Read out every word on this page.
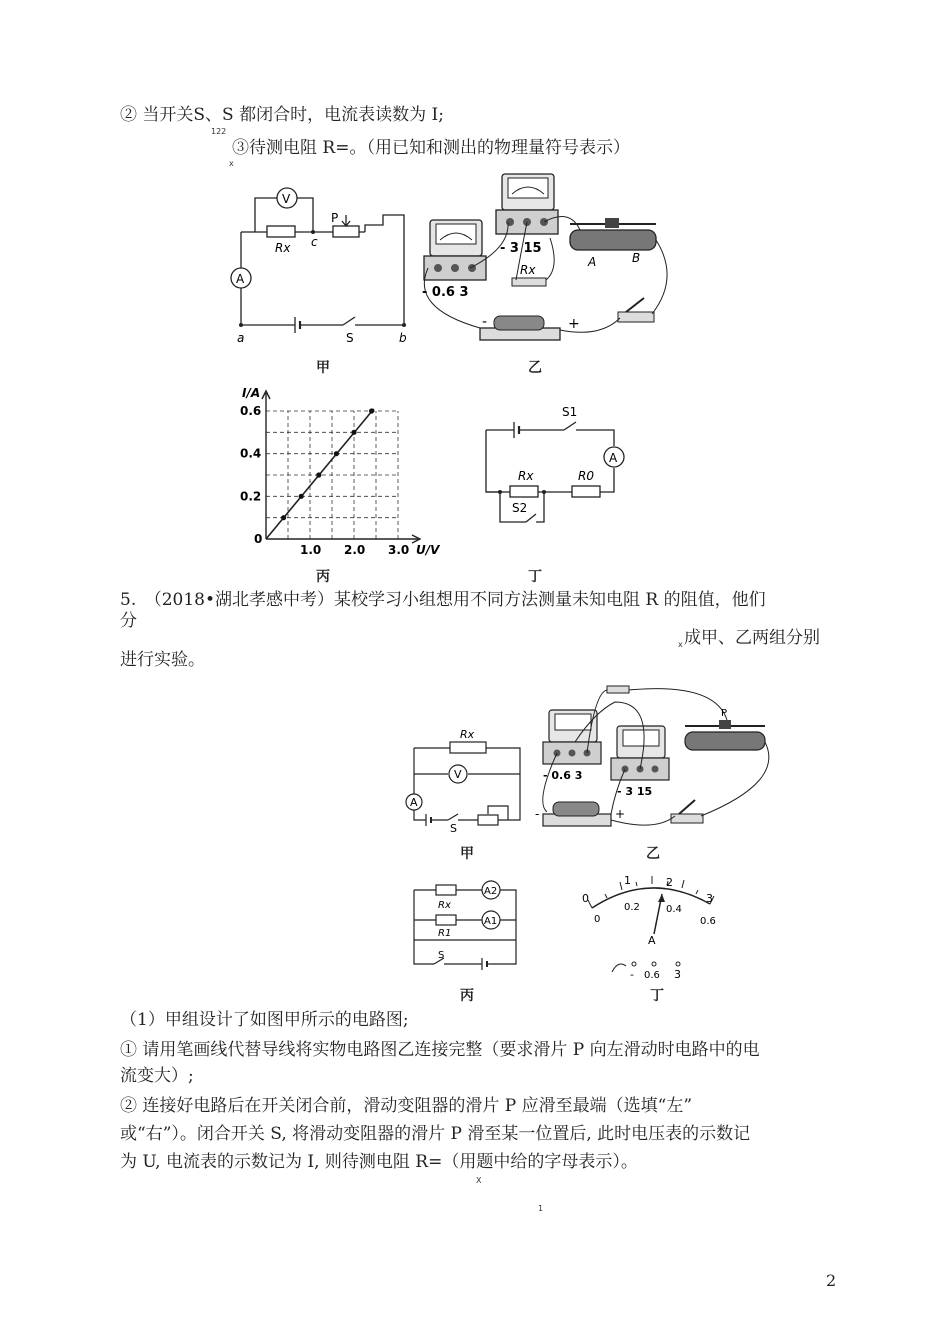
② 当开关S、S 都闭合时，电流表读数为 I;
122
③待测电阻 R=。（用已知和测出的物理量符号表示）
x
V
A
Rx c
P
a	S	b
甲
- 0.6 3
- 3 15
Rx
A	B
-	+
乙
1.0 2.0 3.0
0.2
0.4
0.6
0
I/A
U/V
丙
S1
A
Rx	R0
S2
丁
5.　（2018•湖北孝感中考）某校学习小组想用不同方法测量未知电阻 R 的阻值，他们
分
x 成甲、乙两组分别
进行实验。
Rx
V
A
S
甲
- 0.6 3
- 3 15
P
-	+
乙
Rx
A2
A1
R1
S
丙
0
1	2
3
0
0.2	0.4
0.6
A
- 0.6 3
丁
（1）甲组设计了如图甲所示的电路图;
① 请用笔画线代替导线将实物电路图乙连接完整（要求滑片 P 向左滑动时电路中的电
流变大）;
② 连接好电路后在开关闭合前，滑动变阻器的滑片 P 应滑至最端（选填“左”
或“右”）。闭合开关 S, 将滑动变阻器的滑片 P 滑至某一位置后, 此时电压表的示数记
为 U, 电流表的示数记为 I, 则待测电阻 R=（用题中给的字母表示）。
X
1
2
